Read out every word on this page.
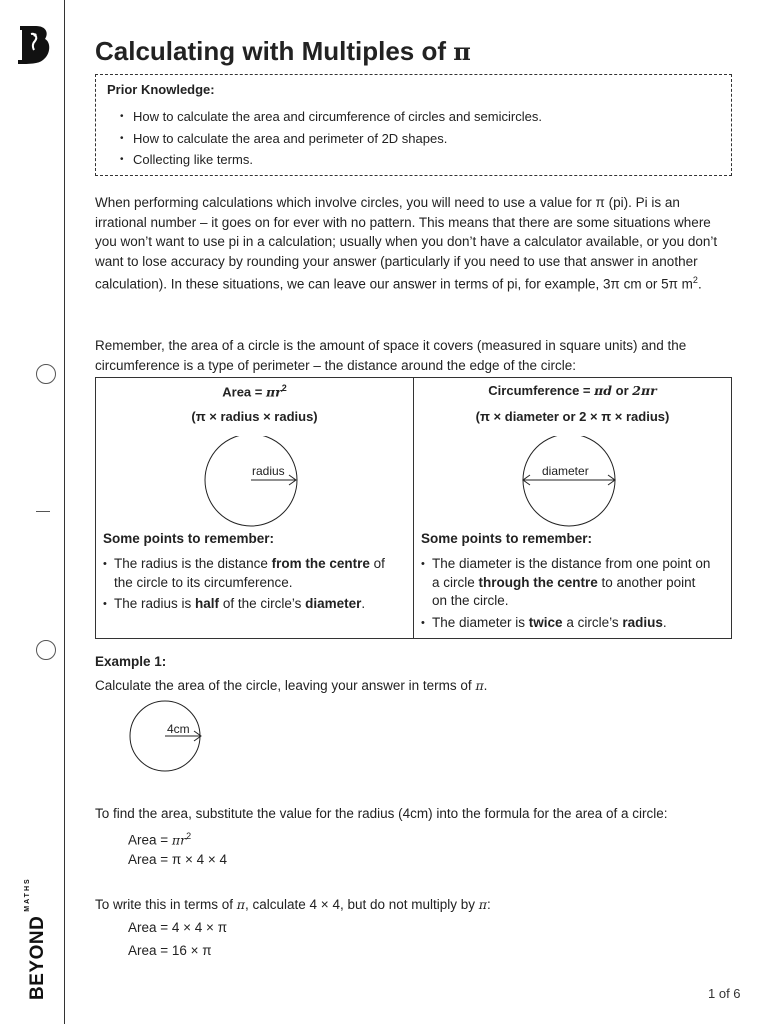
$BEYOND^{MATHS}$
Calculating with Multiples of π
Prior Knowledge:
• How to calculate the area and circumference of circles and semicircles.
• How to calculate the area and perimeter of 2D shapes.
• Collecting like terms.

When performing calculations which involve circles, you will need to use a value for π (pi). Pi is an irrational number – it goes on for ever with no pattern. This means that there are some situations where you won’t want to use pi in a calculation; usually when you don’t have a calculator available, or you don’t want to lose accuracy by rounding your answer (particularly if you need to use that answer in another calculation). In these situations, we can leave our answer in terms of pi, for example, 3π cm or 5π $m^2$.

Remember, the area of a circle is the amount of space it covers (measured in square units) and the circumference is a type of perimeter – the distance around the edge of the circle:

Area = $\pi r^2$
(π × radius × radius)
radius
Some points to remember:
• The radius is the distance from the centre of the circle to its circumference.
• The radius is half of the circle’s diameter.
Circumference = πd or 2πr
(π × diameter or 2 × π × radius)
diameter
Some points to remember:
• The diameter is the distance from one point on a circle through the centre to another point on the circle.
• The diameter is twice a circle’s radius.
Example 1:

Calculate the area of the circle, leaving your answer in terms of π.

4cm

To find the area, substitute the value for the radius (4cm) into the formula for the area of a circle:

Area = $\pi r^2$
Area = π × 4 × 4

To write this in terms of π, calculate 4 × 4, but do not multiply by π:

Area = 4 × 4 × π
Area = 16 × π
1 of 6
